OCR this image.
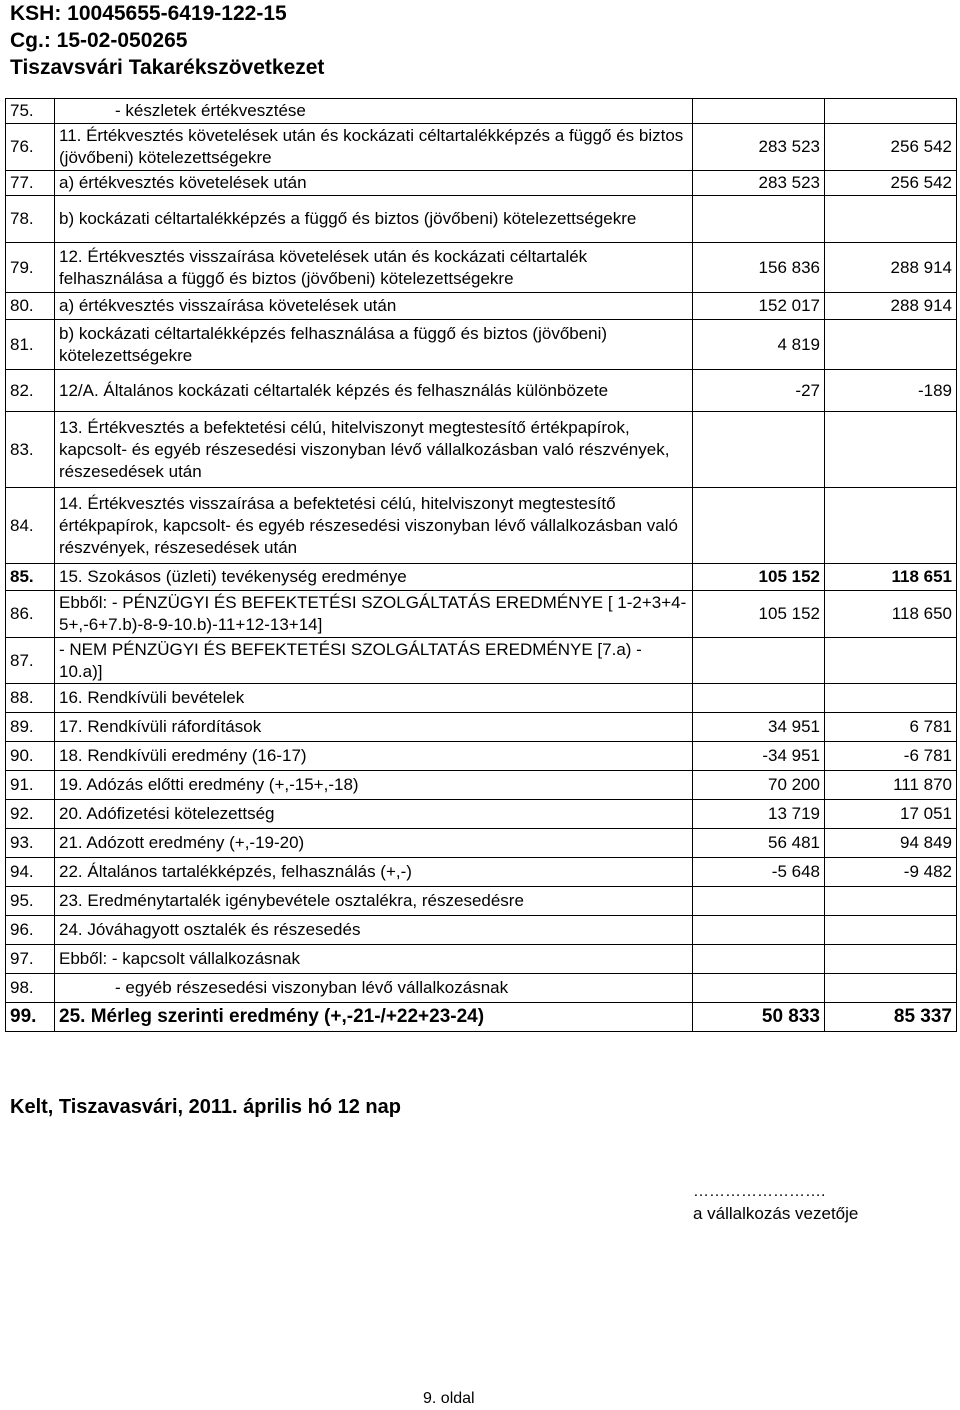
KSH: 10045655-6419-122-15
Cg.: 15-02-050265
Tiszavsvári Takarékszövetkezet
75.	- készletek értékvesztése		
76.	11. Értékvesztés követelések után és kockázati céltartalékképzés a függő és biztos (jövőbeni) kötelezettségekre	283 523	256 542
77.	a) értékvesztés követelések után	283 523	256 542
78.	b) kockázati céltartalékképzés a függő és biztos (jövőbeni) kötelezettségekre		
79.	12. Értékvesztés visszaírása követelések után és kockázati céltartalék felhasználása a függő és biztos (jövőbeni) kötelezettségekre	156 836	288 914
80.	a) értékvesztés visszaírása követelések után	152 017	288 914
81.	b) kockázati céltartalékképzés felhasználása a függő és biztos (jövőbeni) kötelezettségekre	4 819	
82.	12/A. Általános kockázati céltartalék képzés és felhasználás különbözete	-27	-189
83.	13. Értékvesztés a befektetési célú, hitelviszonyt megtestesítő értékpapírok, kapcsolt- és egyéb részesedési viszonyban lévő vállalkozásban való részvények, részesedések után		
84.	14. Értékvesztés visszaírása a befektetési célú, hitelviszonyt megtestesítő értékpapírok, kapcsolt- és egyéb részesedési viszonyban lévő vállalkozásban való részvények, részesedések után		
85.	15. Szokásos (üzleti) tevékenység eredménye	105 152	118 651
86.	Ebből: - PÉNZÜGYI ÉS BEFEKTETÉSI SZOLGÁLTATÁS EREDMÉNYE [ 1-2+3+4-5+,-6+7.b)-8-9-10.b)-11+12-13+14]	105 152	118 650
87.	- NEM PÉNZÜGYI ÉS BEFEKTETÉSI SZOLGÁLTATÁS EREDMÉNYE [7.a) - 10.a)]		
88.	16. Rendkívüli bevételek		
89.	17. Rendkívüli ráfordítások	34 951	6 781
90.	18. Rendkívüli eredmény (16-17)	-34 951	-6 781
91.	19. Adózás előtti eredmény (+,-15+,-18)	70 200	111 870
92.	20. Adófizetési kötelezettség	13 719	17 051
93.	21. Adózott eredmény (+,-19-20)	56 481	94 849
94.	22. Általános tartalékképzés, felhasználás (+,-)	-5 648	-9 482
95.	23. Eredménytartalék igénybevétele osztalékra, részesedésre		
96.	24. Jóváhagyott osztalék és részesedés		
97.	Ebből: - kapcsolt vállalkozásnak		
98.	- egyéb részesedési viszonyban lévő vállalkozásnak		
99.	25. Mérleg szerinti eredmény (+,-21-/+22+23-24)	50 833	85 337
Kelt, Tiszavasvári, 2011. április hó 12 nap
…………………….
a vállalkozás vezetője
9. oldal
